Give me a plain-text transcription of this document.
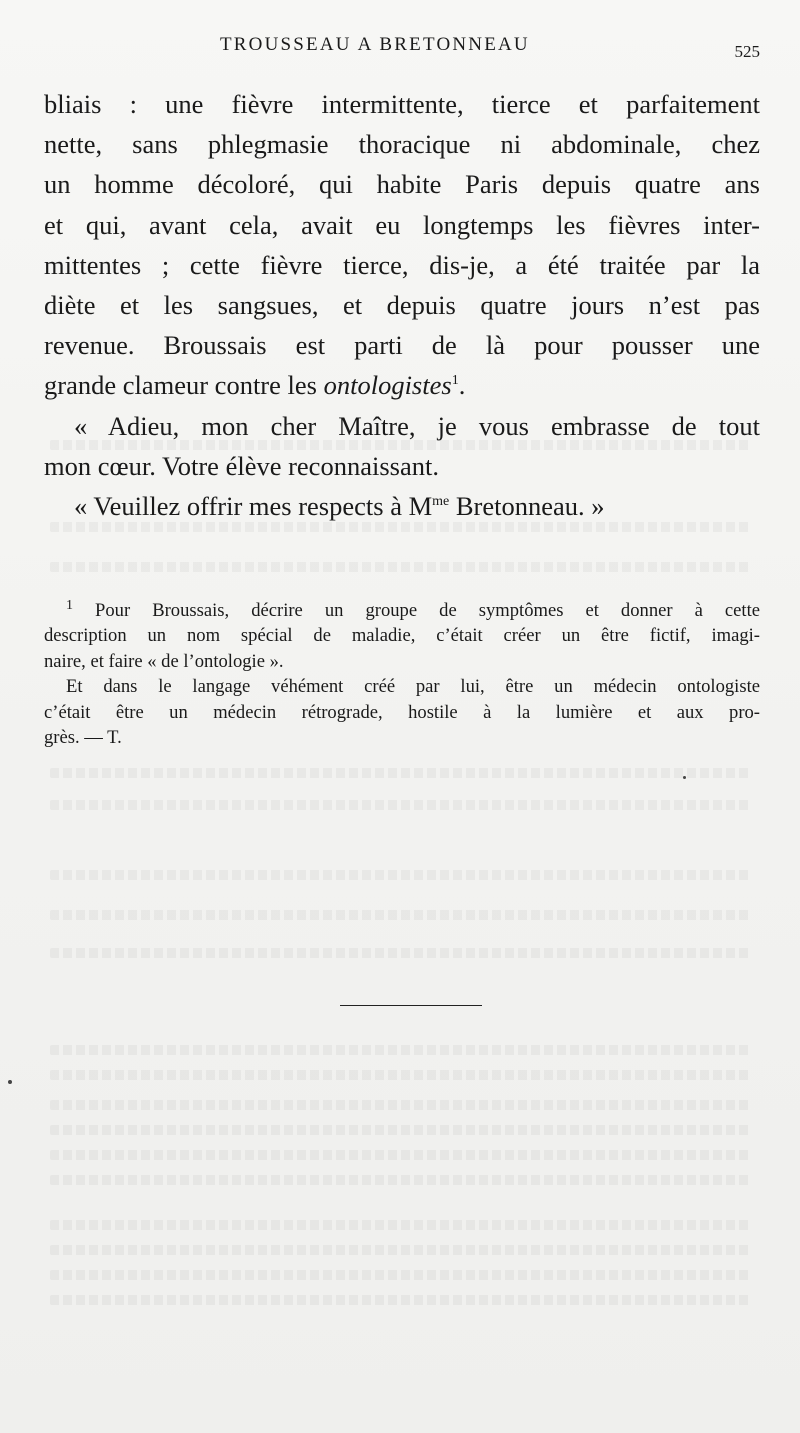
TROUSSEAU A BRETONNEAU	525
bliais : une fièvre intermittente, tierce et parfaitement
nette, sans phlegmasie thoracique ni abdominale, chez
un homme décoloré, qui habite Paris depuis quatre ans
et qui, avant cela, avait eu longtemps les fièvres inter-
mittentes ; cette fièvre tierce, dis-je, a été traitée par la
diète et les sangsues, et depuis quatre jours n’est pas
revenue. Broussais est parti de là pour pousser une
grande clameur contre les ontologistes$^1$.
« Adieu, mon cher Maître, je vous embrasse de tout
mon cœur. Votre élève reconnaissant.
« Veuillez offrir mes respects à $M^{me}$ Bretonneau. »
$^1$ Pour Broussais, décrire un groupe de symptômes et donner à cette
description un nom spécial de maladie, c’était créer un être fictif, imagi-
naire, et faire « de l’ontologie ».
Et dans le langage véhément créé par lui, être un médecin ontologiste
c’était être un médecin rétrograde, hostile à la lumière et aux pro-
grès. — T.
